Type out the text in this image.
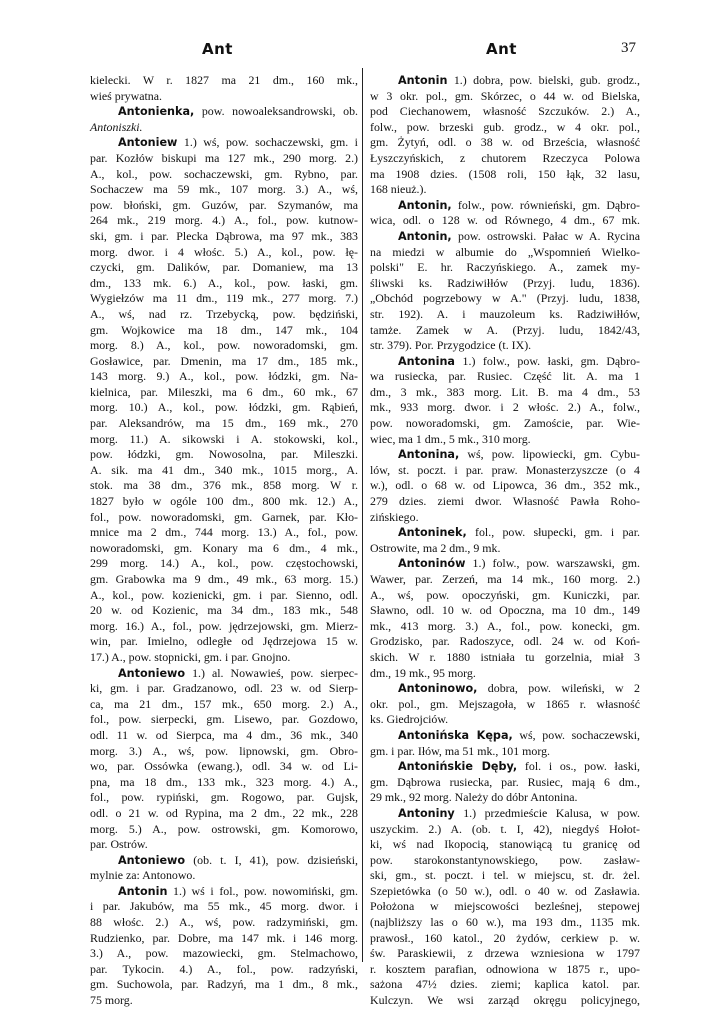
Ant	Ant	37
kielecki. W r. 1827 ma 21 dm., 160 mk.,
wieś prywatna.
Antonienka, pow. nowoaleksandrowski, ob.
Antoniszki.
Antoniew 1.) wś, pow. sochaczewski, gm. i
par. Kozłów biskupi ma 127 mk., 290 morg. 2.)
A., kol., pow. sochaczewski, gm. Rybno, par.
Sochaczew ma 59 mk., 107 morg. 3.) A., wś,
pow. błoński, gm. Guzów, par. Szymanów, ma
264 mk., 219 morg. 4.) A., fol., pow. kutnow-
ski, gm. i par. Plecka Dąbrowa, ma 97 mk., 383
morg. dwor. i 4 włośc. 5.) A., kol., pow. łę-
czycki, gm. Dalików, par. Domaniew, ma 13
dm., 133 mk. 6.) A., kol., pow. łaski, gm.
Wygiełzów ma 11 dm., 119 mk., 277 morg. 7.)
A., wś, nad rz. Trzebycką, pow. będziński,
gm. Wojkowice ma 18 dm., 147 mk., 104
morg. 8.) A., kol., pow. noworadomski, gm.
Gosławice, par. Dmenin, ma 17 dm., 185 mk.,
143 morg. 9.) A., kol., pow. łódzki, gm. Na-
kielnica, par. Mileszki, ma 6 dm., 60 mk., 67
morg. 10.) A., kol., pow. łódzki, gm. Rąbień,
par. Aleksandrów, ma 15 dm., 169 mk., 270
morg. 11.) A. sikowski i A. stokowski, kol.,
pow. łódzki, gm. Nowosolna, par. Mileszki.
A. sik. ma 41 dm., 340 mk., 1015 morg., A.
stok. ma 38 dm., 376 mk., 858 morg. W r.
1827 było w ogóle 100 dm., 800 mk. 12.) A.,
fol., pow. noworadomski, gm. Garnek, par. Kło-
mnice ma 2 dm., 744 morg. 13.) A., fol., pow.
noworadomski, gm. Konary ma 6 dm., 4 mk.,
299 morg. 14.) A., kol., pow. częstochowski,
gm. Grabowka ma 9 dm., 49 mk., 63 morg. 15.)
A., kol., pow. kozienicki, gm. i par. Sienno, odl.
20 w. od Kozienic, ma 34 dm., 183 mk., 548
morg. 16.) A., fol., pow. jędrzejowski, gm. Mierz-
win, par. Imielno, odległe od Jędrzejowa 15 w.
17.) A., pow. stopnicki, gm. i par. Gnojno.
Antoniewo 1.) al. Nowawieś, pow. sierpec-
ki, gm. i par. Gradzanowo, odl. 23 w. od Sierp-
ca, ma 21 dm., 157 mk., 650 morg. 2.) A.,
fol., pow. sierpecki, gm. Lisewo, par. Gozdowo,
odl. 11 w. od Sierpca, ma 4 dm., 36 mk., 340
morg. 3.) A., wś, pow. lipnowski, gm. Obro-
wo, par. Ossówka (ewang.), odl. 34 w. od Li-
pna, ma 18 dm., 133 mk., 323 morg. 4.) A.,
fol., pow. rypiński, gm. Rogowo, par. Gujsk,
odl. o 21 w. od Rypina, ma 2 dm., 22 mk., 228
morg. 5.) A., pow. ostrowski, gm. Komorowo,
par. Ostrów.
Antoniewo (ob. t. I, 41), pow. dzisieński,
mylnie za: Antonowo.
Antonin 1.) wś i fol., pow. nowomiński, gm.
i par. Jakubów, ma 55 mk., 45 morg. dwor. i
88 włośc. 2.) A., wś, pow. radzymiński, gm.
Rudzienko, par. Dobre, ma 147 mk. i 146 morg.
3.) A., pow. mazowiecki, gm. Stelmachowo,
par. Tykocin. 4.) A., fol., pow. radzyński,
gm. Suchowola, par. Radzyń, ma 1 dm., 8 mk.,
75 morg.
Antonin 1.) dobra, pow. bielski, gub. grodz.,
w 3 okr. pol., gm. Skórzec, o 44 w. od Bielska,
pod Ciechanowem, własność Szczuków. 2.) A.,
folw., pow. brzeski gub. grodz., w 4 okr. pol.,
gm. Żytyń, odl. o 38 w. od Brześcia, własność
Łyszczyńskich, z chutorem Rzeczyca Polowa
ma 1908 dzies. (1508 roli, 150 łąk, 32 lasu,
168 nieuż.).
Antonin, folw., pow. równieński, gm. Dąbro-
wica, odl. o 128 w. od Równego, 4 dm., 67 mk.
Antonin, pow. ostrowski. Pałac w A. Rycina
na miedzi w albumie do „Wspomnień Wielko-
polski" E. hr. Raczyńskiego. A., zamek my-
śliwski ks. Radziwiłłów (Przyj. ludu, 1836).
„Obchód pogrzebowy w A." (Przyj. ludu, 1838,
str. 192). A. i mauzoleum ks. Radziwiłłów,
tamże. Zamek w A. (Przyj. ludu, 1842/43,
str. 379). Por. Przygodzice (t. IX).
Antonina 1.) folw., pow. łaski, gm. Dąbro-
wa rusiecka, par. Rusiec. Część lit. A. ma 1
dm., 3 mk., 383 morg. Lit. B. ma 4 dm., 53
mk., 933 morg. dwor. i 2 włośc. 2.) A., folw.,
pow. noworadomski, gm. Zamoście, par. Wie-
wiec, ma 1 dm., 5 mk., 310 morg.
Antonina, wś, pow. lipowiecki, gm. Cybu-
lów, st. poczt. i par. praw. Monasterzyszcze (o 4
w.), odl. o 68 w. od Lipowca, 36 dm., 352 mk.,
279 dzies. ziemi dwor. Własność Pawła Roho-
zińskiego.
Antoninek, fol., pow. słupecki, gm. i par.
Ostrowite, ma 2 dm., 9 mk.
Antoninów 1.) folw., pow. warszawski, gm.
Wawer, par. Zerzeń, ma 14 mk., 160 morg. 2.)
A., wś, pow. opoczyński, gm. Kuniczki, par.
Sławno, odl. 10 w. od Opoczna, ma 10 dm., 149
mk., 413 morg. 3.) A., fol., pow. konecki, gm.
Grodzisko, par. Radoszyce, odl. 24 w. od Koń-
skich. W r. 1880 istniała tu gorzelnia, miał 3
dm., 19 mk., 95 morg.
Antoninowo, dobra, pow. wileński, w 2
okr. pol., gm. Mejszagoła, w 1865 r. własność
ks. Giedrojciów.
Antonińska Kępa, wś, pow. sochaczewski,
gm. i par. Iłów, ma 51 mk., 101 morg.
Antonińskie Dęby, fol. i os., pow. łaski,
gm. Dąbrowa rusiecka, par. Rusiec, mają 6 dm.,
29 mk., 92 morg. Należy do dóbr Antonina.
Antoniny 1.) przedmieście Kalusa, w pow.
uszyckim. 2.) A. (ob. t. I, 42), niegdyś Hołot-
ki, wś nad Ikopocią, stanowiącą tu granicę od
pow. starokonstantynowskiego, pow. zasław-
ski, gm., st. poczt. i tel. w miejscu, st. dr. żel.
Szepietówka (o 50 w.), odl. o 40 w. od Zasławia.
Położona w miejscowości bezleśnej, stepowej
(najbliższy las o 60 w.), ma 193 dm., 1135 mk.
prawosł., 160 katol., 20 żydów, cerkiew p. w.
św. Paraskiewii, z drzewa wzniesiona w 1797
r. kosztem parafian, odnowiona w 1875 r., upo-
sażona 47½ dzies. ziemi; kaplica katol. par.
Kulczyn. We wsi zarząd okręgu policyjnego,
